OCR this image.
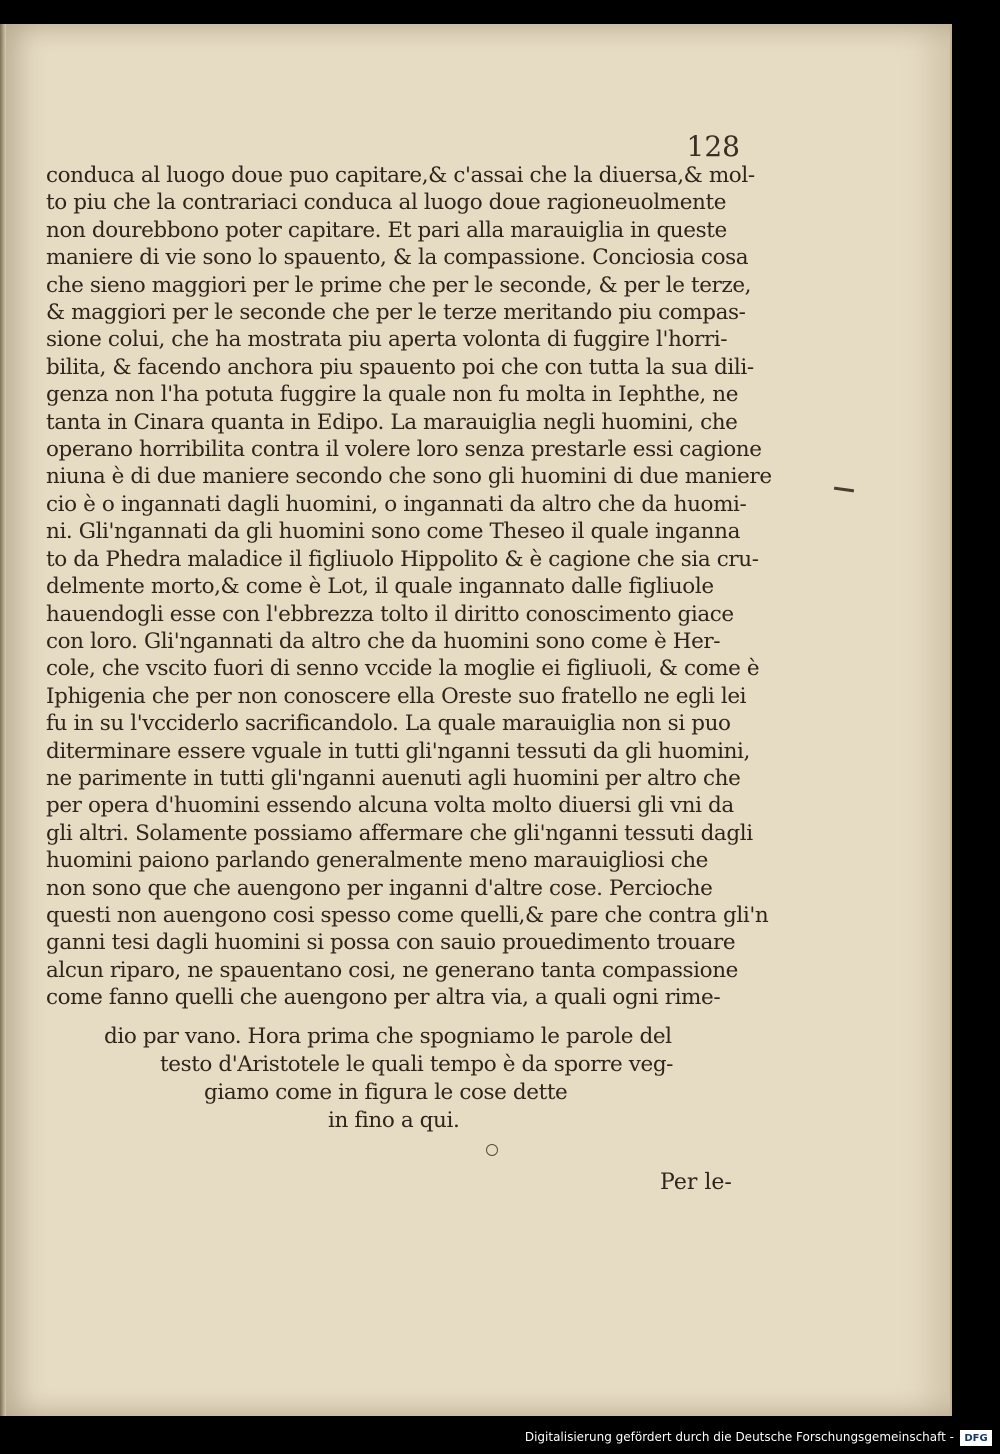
128
conduca al luogo doue puo capitare,& c'assai che la diuersa,& mol-
to piu che la contrariaci conduca al luogo doue ragioneuolmente
non dourebbono poter capitare. Et pari alla marauiglia in queste
maniere di vie sono lo spauento, & la compassione. Conciosia cosa
che sieno maggiori per le prime che per le seconde, & per le terze,
& maggiori per le seconde che per le terze meritando piu compas-
sione colui, che ha mostrata piu aperta volonta di fuggire l'horri-
bilita, & facendo anchora piu spauento poi che con tutta la sua dili-
genza non l'ha potuta fuggire la quale non fu molta in Iephthe, ne
tanta in Cinara quanta in Edipo. La marauiglia negli huomini, che
operano horribilita contra il volere loro senza prestarle essi cagione
niuna è di due maniere secondo che sono gli huomini di due maniere
cio è o ingannati dagli huomini, o ingannati da altro che da huomi-
ni. Gli'ngannati da gli huomini sono come Theseo il quale inganna
to da Phedra maladice il figliuolo Hippolito & è cagione che sia cru-
delmente morto,& come è Lot, il quale ingannato dalle figliuole
hauendogli esse con l'ebbrezza tolto il diritto conoscimento giace
con loro. Gli'ngannati da altro che da huomini sono come è Her-
cole, che vscito fuori di senno vccide la moglie ei figliuoli, & come è
Iphigenia che per non conoscere ella Oreste suo fratello ne egli lei
fu in su l'vcciderlo sacrificandolo. La quale marauiglia non si puo
diterminare essere vguale in tutti gli'nganni tessuti da gli huomini,
ne parimente in tutti gli'nganni auenuti agli huomini per altro che
per opera d'huomini essendo alcuna volta molto diuersi gli vni da
gli altri. Solamente possiamo affermare che gli'nganni tessuti dagli
huomini paiono parlando generalmente meno marauigliosi che
non sono que che auengono per inganni d'altre cose. Percioche
questi non auengono cosi spesso come quelli,& pare che contra gli'n
ganni tesi dagli huomini si possa con sauio prouedimento trouare
alcun riparo, ne spauentano cosi, ne generano tanta compassione
come fanno quelli che auengono per altra via, a quali ogni rime-
dio par vano. Hora prima che spogniamo le parole del
testo d'Aristotele le quali tempo è da sporre veg-
giamo come in figura le cose dette
in fino a qui.
Per le-
Digitalisierung gefördert durch die Deutsche Forschungsgemeinschaft -	DFG
